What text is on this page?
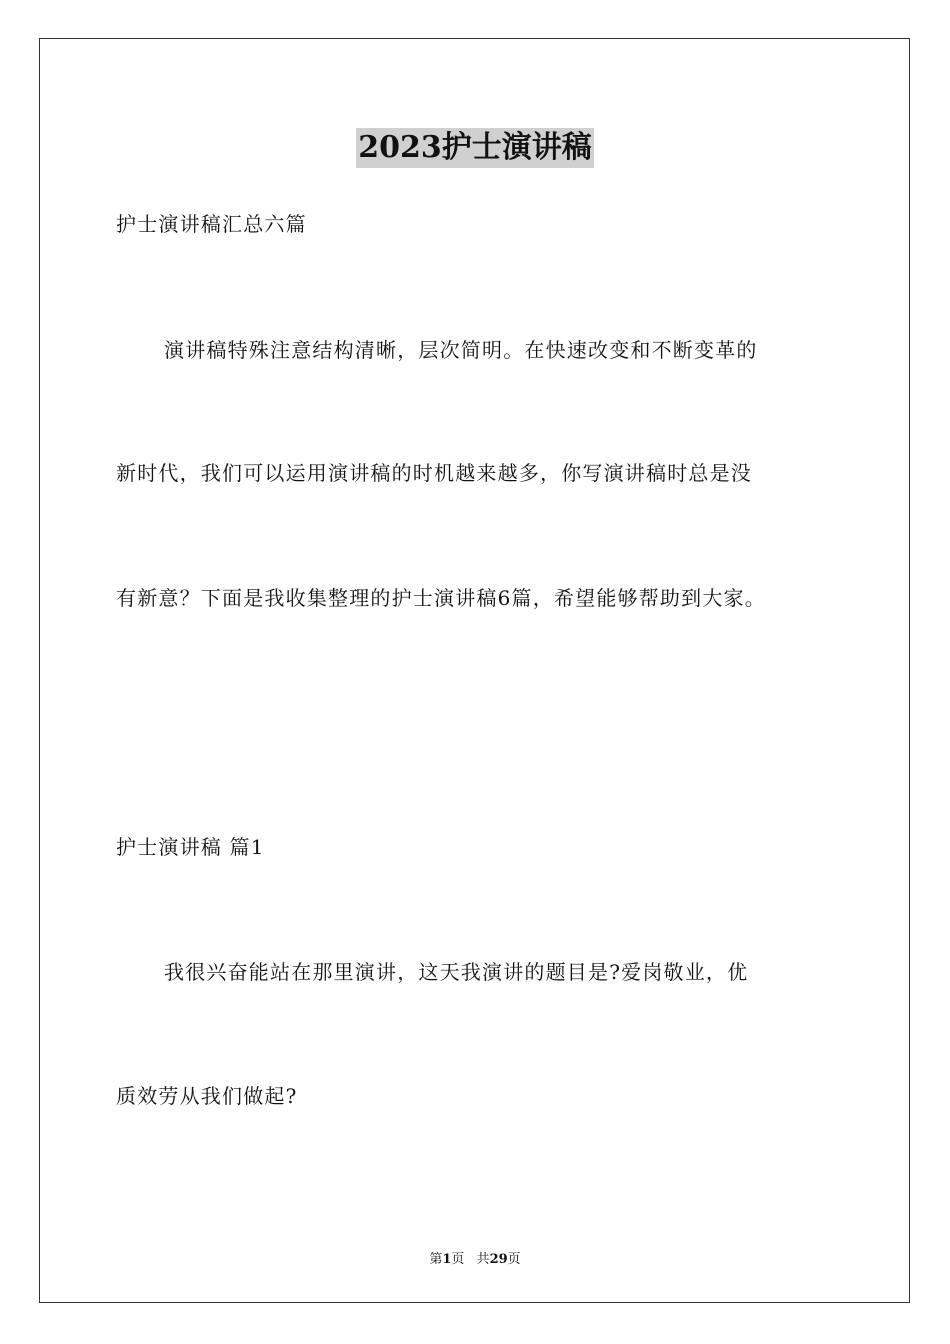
2023护士演讲稿
护士演讲稿汇总六篇
演讲稿特殊注意结构清晰，层次简明。在快速改变和不断变革的
新时代，我们可以运用演讲稿的时机越来越多，你写演讲稿时总是没
有新意？下面是我收集整理的护士演讲稿6篇，希望能够帮助到大家。
护士演讲稿 篇1
我很兴奋能站在那里演讲，这天我演讲的题目是?爱岗敬业，优
质效劳从我们做起?
第1页 共29页
